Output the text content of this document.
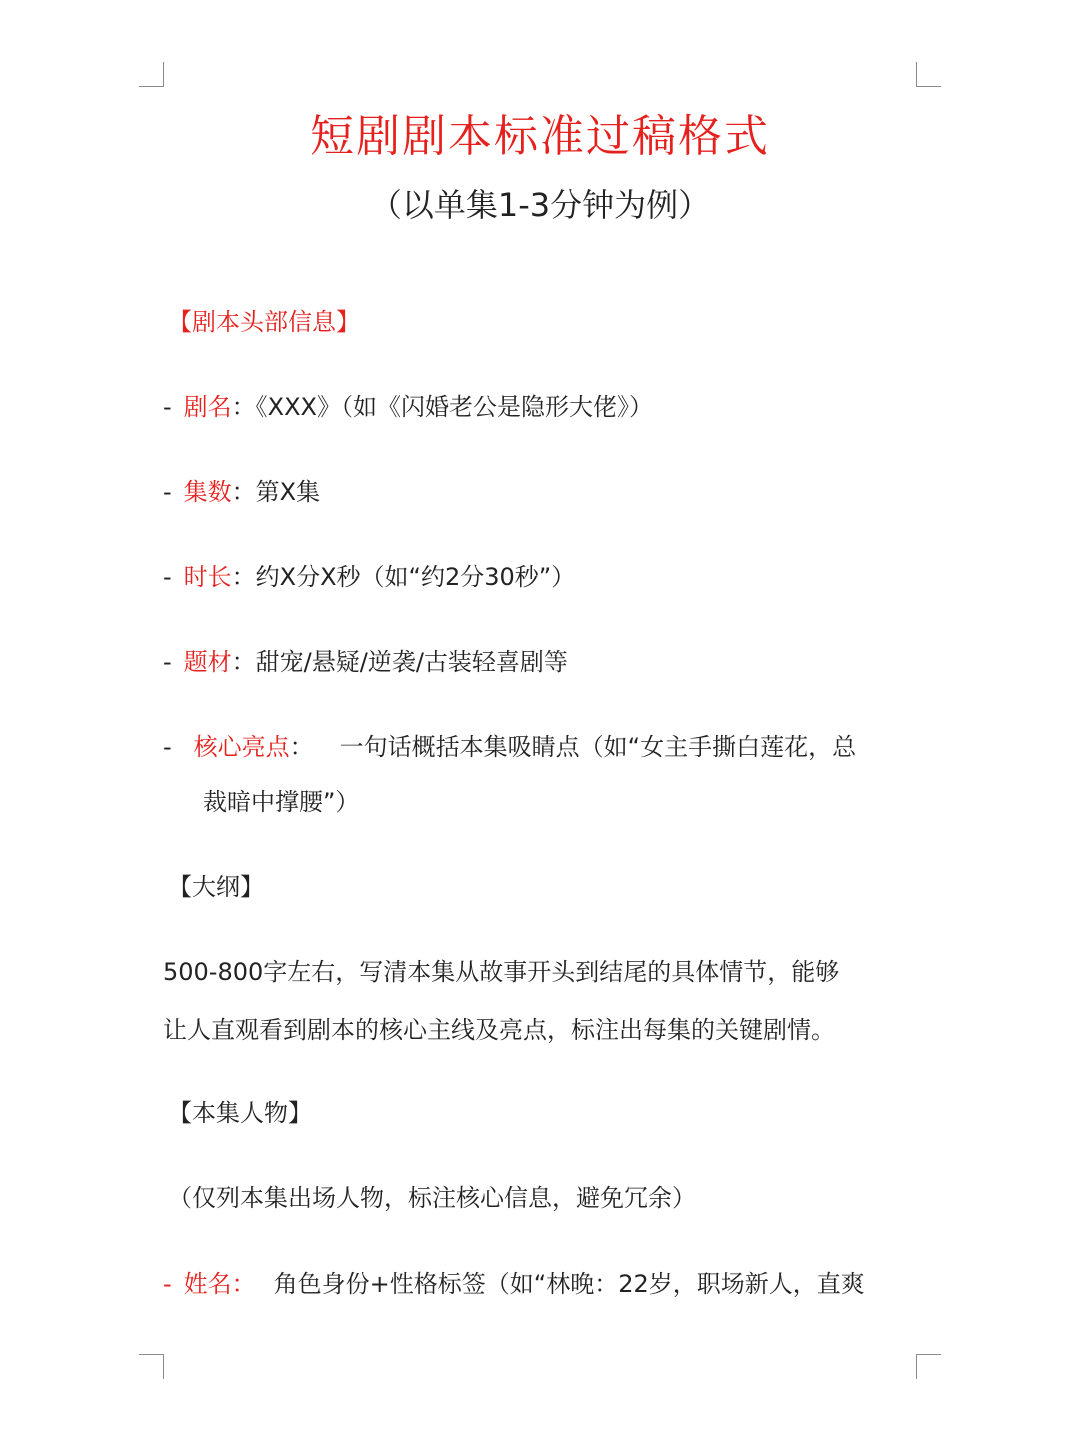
短剧剧本标准过稿格式
（以单集1-3分钟为例）
【剧本头部信息】
- 剧名：《XXX》（如《闪婚老公是隐形大佬》）
- 集数：第X集
- 时长：约X分X秒（如“约2分30秒”）
- 题材：甜宠/悬疑/逆袭/古装轻喜剧等
- 核心亮点： 一句话概括本集吸睛点（如“女主手撕白莲花，总
裁暗中撑腰”）
【大纲】
500-800字左右，写清本集从故事开头到结尾的具体情节，能够
让人直观看到剧本的核心主线及亮点，标注出每集的关键剧情。
【本集人物】
（仅列本集出场人物，标注核心信息，避免冗余）
- 姓名： 角色身份+性格标签（如“林晚：22岁，职场新人，直爽
